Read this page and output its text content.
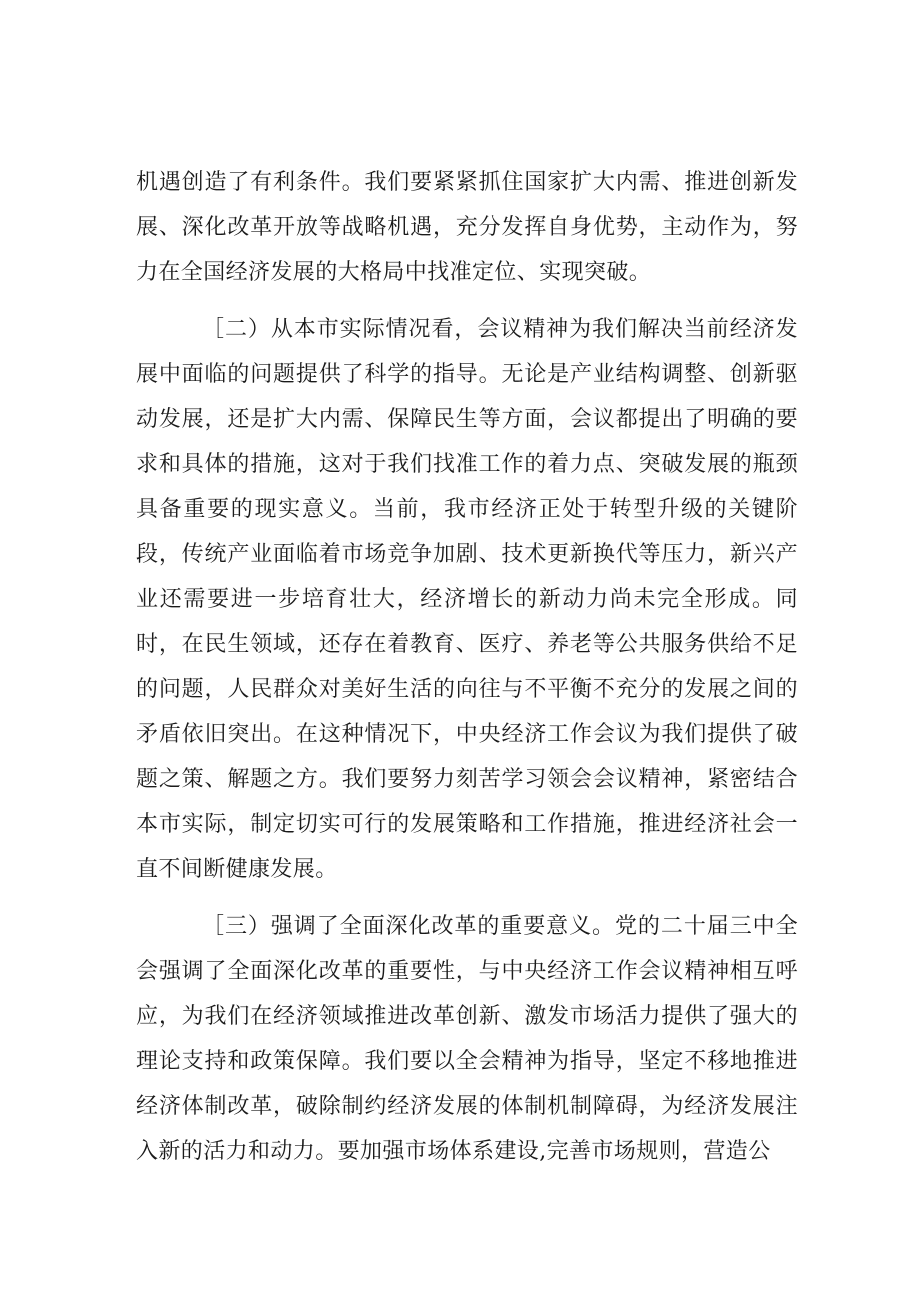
机遇创造了有利条件。我们要紧紧抓住国家扩大内需、推进创新发展、深化改革开放等战略机遇，充分发挥自身优势，主动作为，努力在全国经济发展的大格局中找准定位、实现突破。

［二）从本市实际情况看，会议精神为我们解决当前经济发展中面临的问题提供了科学的指导。无论是产业结构调整、创新驱动发展，还是扩大内需、保障民生等方面，会议都提出了明确的要求和具体的措施，这对于我们找准工作的着力点、突破发展的瓶颈具备重要的现实意义。当前，我市经济正处于转型升级的关键阶段，传统产业面临着市场竞争加剧、技术更新换代等压力，新兴产业还需要进一步培育壮大，经济增长的新动力尚未完全形成。同时，在民生领域，还存在着教育、医疗、养老等公共服务供给不足的问题，人民群众对美好生活的向往与不平衡不充分的发展之间的矛盾依旧突出。在这种情况下，中央经济工作会议为我们提供了破题之策、解题之方。我们要努力刻苦学习领会会议精神，紧密结合本市实际，制定切实可行的发展策略和工作措施，推进经济社会一直不间断健康发展。

［三）强调了全面深化改革的重要意义。党的二十届三中全会强调了全面深化改革的重要性，与中央经济工作会议精神相互呼应，为我们在经济领域推进改革创新、激发市场活力提供了强大的理论支持和政策保障。我们要以全会精神为指导，坚定不移地推进经济体制改革，破除制约经济发展的体制机制障碍，为经济发展注入新的活力和动力。要加强市场体系建设,完善市场规则，营造公
